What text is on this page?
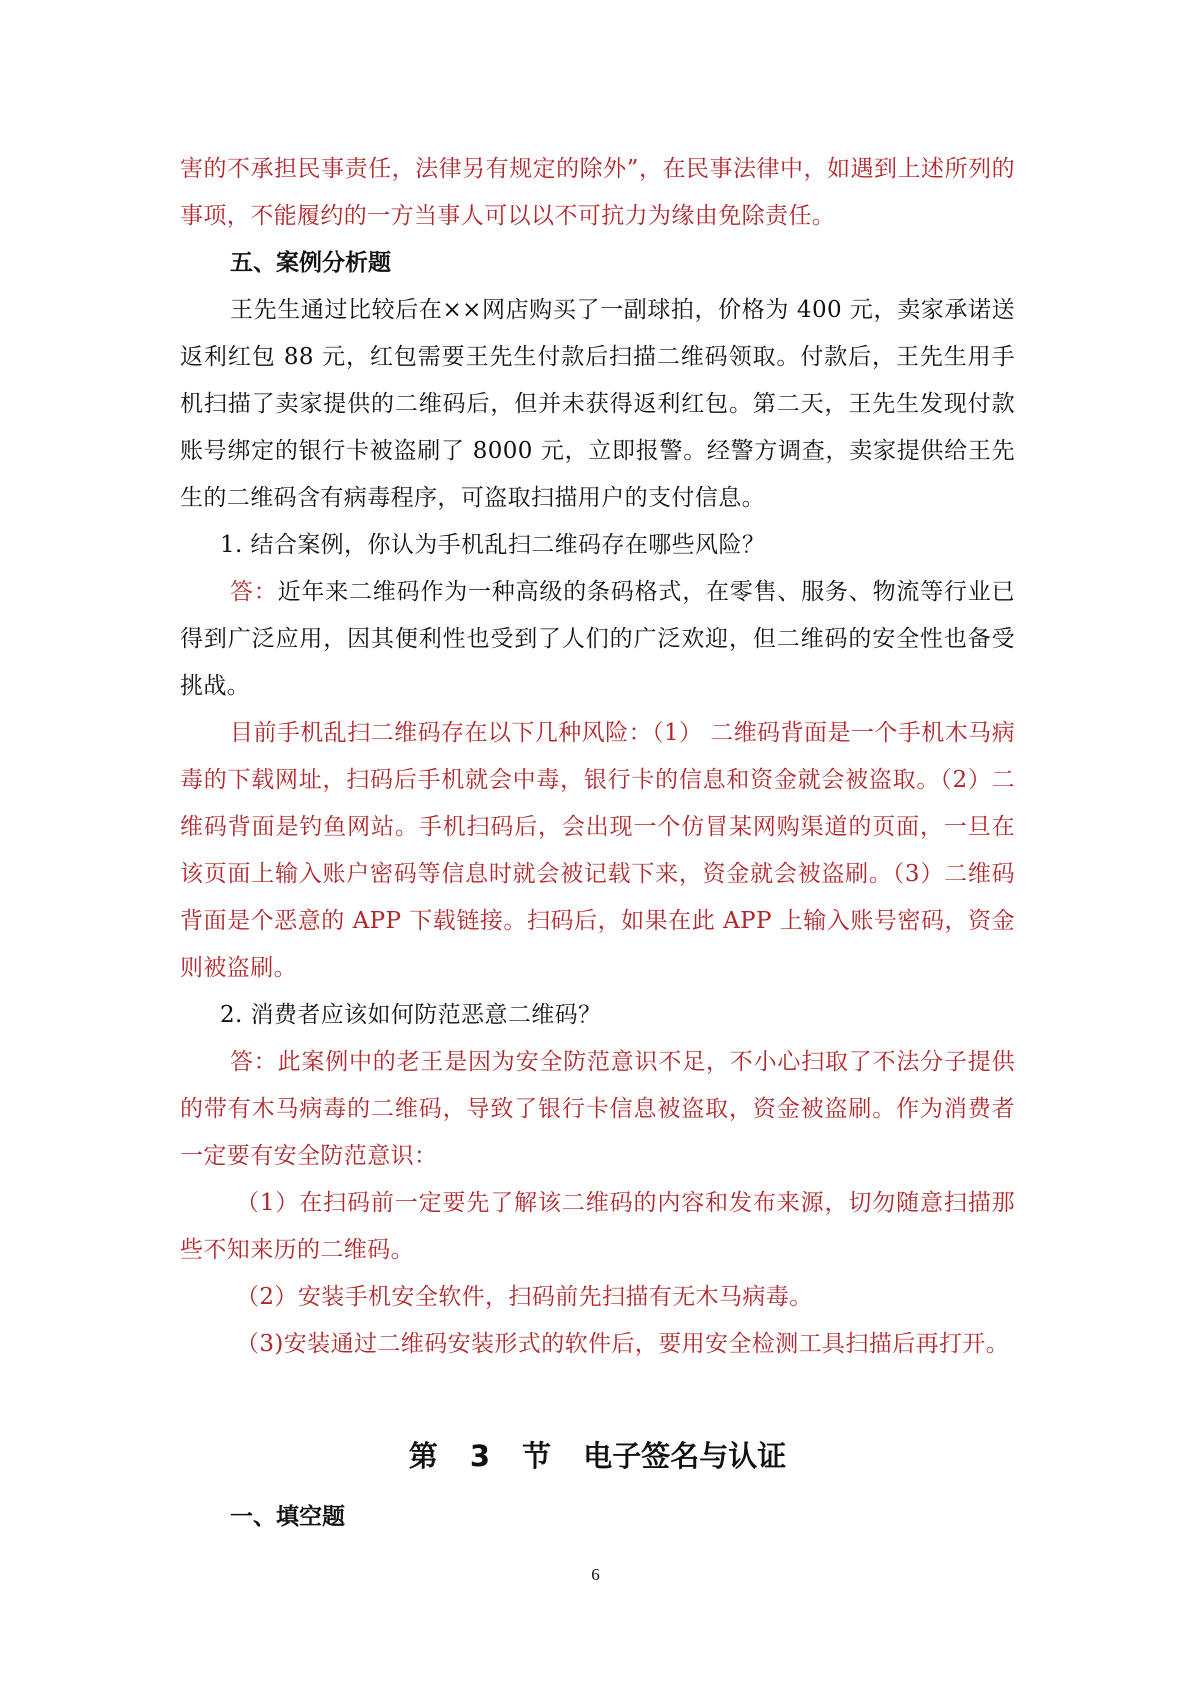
害的不承担民事责任，法律另有规定的除外”，在民事法律中，如遇到上述所列的事项，不能履约的一方当事人可以以不可抗力为缘由免除责任。

五、案例分析题

王先生通过比较后在××网店购买了一副球拍，价格为 400 元，卖家承诺送返利红包 88 元，红包需要王先生付款后扫描二维码领取。付款后，王先生用手机扫描了卖家提供的二维码后，但并未获得返利红包。第二天，王先生发现付款账号绑定的银行卡被盗刷了 8000 元，立即报警。经警方调查，卖家提供给王先生的二维码含有病毒程序，可盗取扫描用户的支付信息。

1. 结合案例，你认为手机乱扫二维码存在哪些风险？

答：近年来二维码作为一种高级的条码格式，在零售、服务、物流等行业已得到广泛应用，因其便利性也受到了人们的广泛欢迎，但二维码的安全性也备受挑战。

目前手机乱扫二维码存在以下几种风险：（1） 二维码背面是一个手机木马病毒的下载网址，扫码后手机就会中毒，银行卡的信息和资金就会被盗取。（2）二维码背面是钓鱼网站。手机扫码后，会出现一个仿冒某网购渠道的页面，一旦在该页面上输入账户密码等信息时就会被记载下来，资金就会被盗刷。（3）二维码背面是个恶意的 APP 下载链接。扫码后，如果在此 APP 上输入账号密码，资金则被盗刷。

2. 消费者应该如何防范恶意二维码？

答：此案例中的老王是因为安全防范意识不足，不小心扫取了不法分子提供的带有木马病毒的二维码，导致了银行卡信息被盗取，资金被盗刷。作为消费者一定要有安全防范意识：

（1）在扫码前一定要先了解该二维码的内容和发布来源，切勿随意扫描那些不知来历的二维码。

（2）安装手机安全软件，扫码前先扫描有无木马病毒。

（3)安装通过二维码安装形式的软件后，要用安全检测工具扫描后再打开。

第 3 节 电子签名与认证
一、填空题
6
